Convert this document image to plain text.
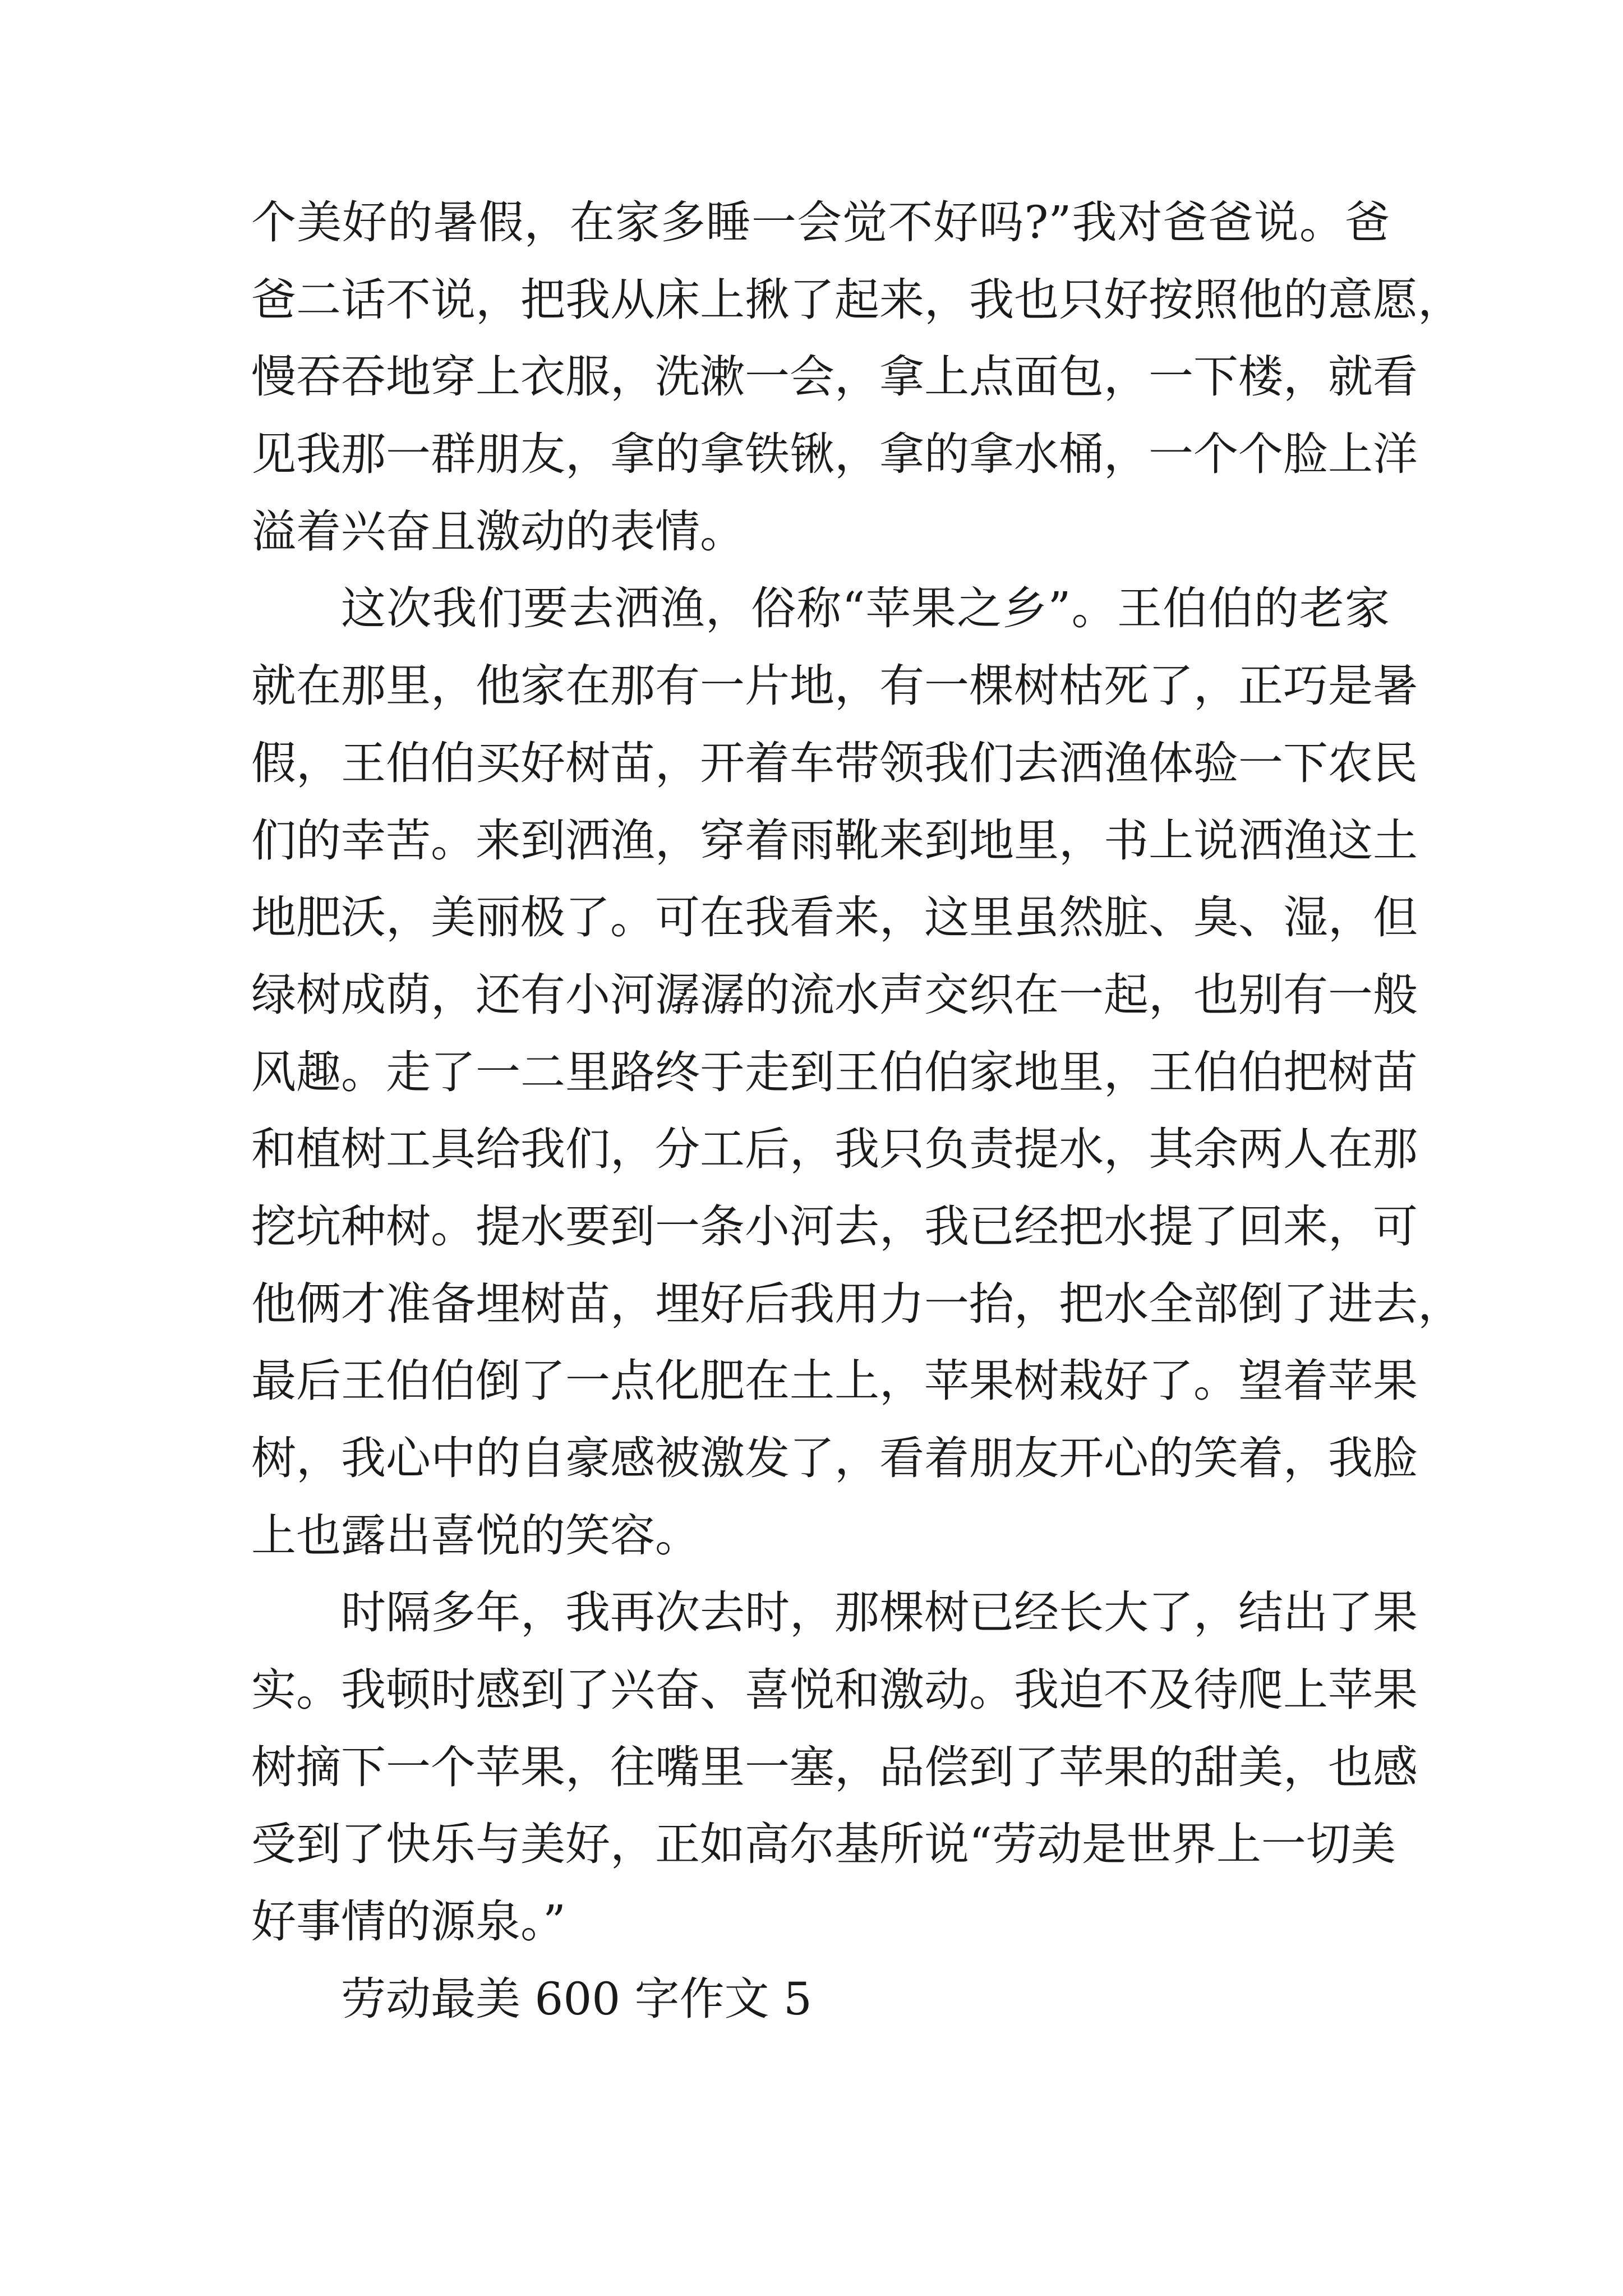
个美好的暑假，在家多睡一会觉不好吗?”我对爸爸说。爸
爸二话不说，把我从床上揪了起来，我也只好按照他的意愿，
慢吞吞地穿上衣服，洗漱一会，拿上点面包，一下楼，就看
见我那一群朋友，拿的拿铁锹，拿的拿水桶，一个个脸上洋
溢着兴奋且激动的表情。
这次我们要去洒渔，俗称“苹果之乡”。王伯伯的老家
就在那里，他家在那有一片地，有一棵树枯死了，正巧是暑
假，王伯伯买好树苗，开着车带领我们去洒渔体验一下农民
们的幸苦。来到洒渔，穿着雨靴来到地里，书上说洒渔这土
地肥沃，美丽极了。可在我看来，这里虽然脏、臭、湿，但
绿树成荫，还有小河潺潺的流水声交织在一起，也别有一般
风趣。走了一二里路终于走到王伯伯家地里，王伯伯把树苗
和植树工具给我们，分工后，我只负责提水，其余两人在那
挖坑种树。提水要到一条小河去，我已经把水提了回来，可
他俩才准备埋树苗，埋好后我用力一抬，把水全部倒了进去，
最后王伯伯倒了一点化肥在土上，苹果树栽好了。望着苹果
树，我心中的自豪感被激发了，看着朋友开心的笑着，我脸
上也露出喜悦的笑容。
时隔多年，我再次去时，那棵树已经长大了，结出了果
实。我顿时感到了兴奋、喜悦和激动。我迫不及待爬上苹果
树摘下一个苹果，往嘴里一塞，品偿到了苹果的甜美，也感
受到了快乐与美好，正如高尔基所说“劳动是世界上一切美
好事情的源泉。”
劳动最美 600 字作文 5
